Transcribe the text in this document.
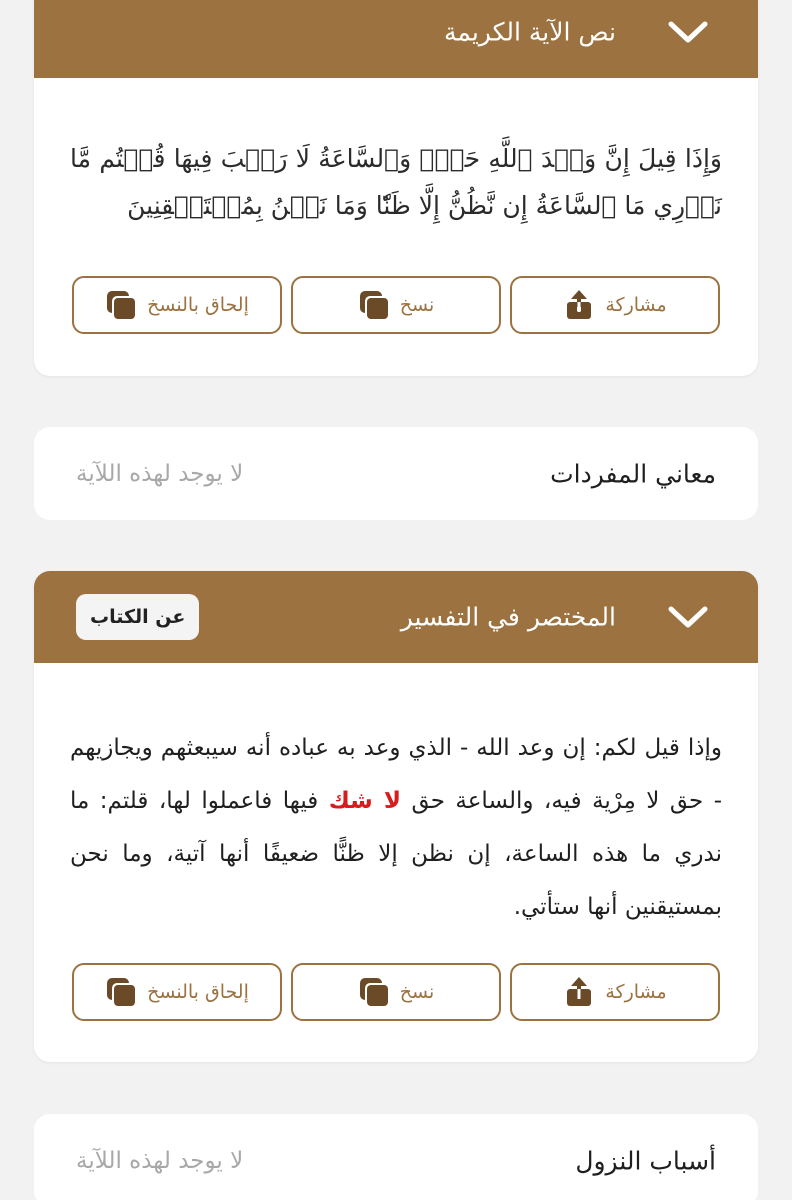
نص الآية الكريمة
وَإِذَا قِيلَ إِنَّ وَعۡدَ ٱللَّهِ حَقّٞ وَٱلسَّاعَةُ لَا رَيۡبَ فِيهَا قُلۡتُم مَّا نَدۡرِي مَا ٱلسَّاعَةُ إِن نَّظُنُّ إِلَّا ظَنّٗا وَمَا نَحۡنُ بِمُسۡتَيۡقِنِينَ
مشاركة
نسخ
إلحاق بالنسخ
معاني المفردات
لا يوجد لهذه اللآية
المختصر في التفسير
عن الكتاب
وإذا قيل لكم: إن وعد الله - الذي وعد به عباده أنه سيبعثهم ويجازيهم - حق لا مِرْية فيه، والساعة حق لا شك فيها فاعملوا لها، قلتم: ما ندري ما هذه الساعة، إن نظن إلا ظنًّا ضعيفًا أنها آتية، وما نحن بمستيقنين أنها ستأتي.
مشاركة
نسخ
إلحاق بالنسخ
أسباب النزول
لا يوجد لهذه اللآية
